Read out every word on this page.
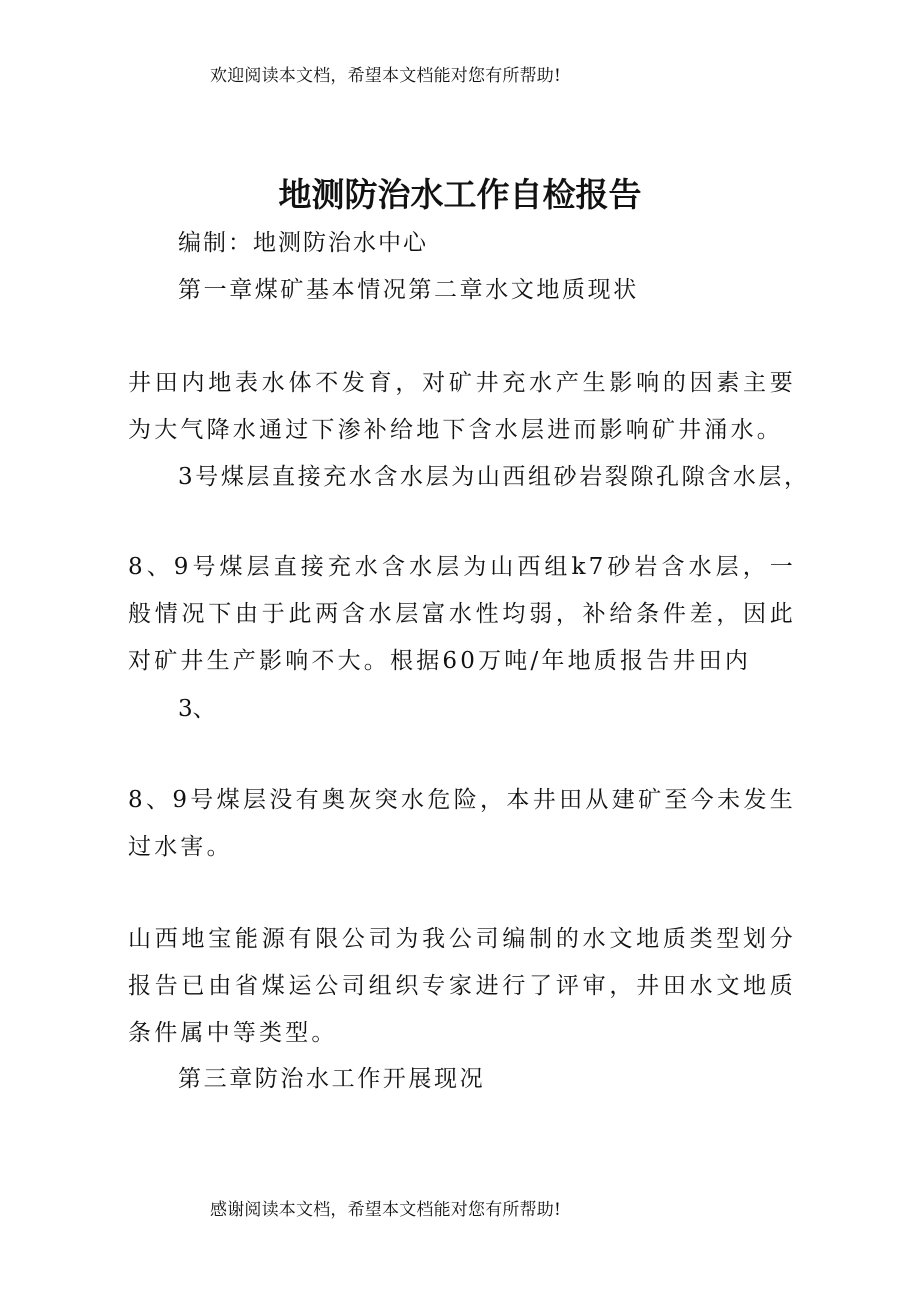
欢迎阅读本文档，希望本文档能对您有所帮助!
地测防治水工作自检报告
编制：地测防治水中心
第一章煤矿基本情况第二章水文地质现状
井田内地表水体不发育，对矿井充水产生影响的因素主要为大气降水通过下渗补给地下含水层进而影响矿井涌水。
3号煤层直接充水含水层为山西组砂岩裂隙孔隙含水层，
8、9号煤层直接充水含水层为山西组k7砂岩含水层，一般情况下由于此两含水层富水性均弱，补给条件差，因此对矿井生产影响不大。根据60万吨/年地质报告井田内
3、
8、9号煤层没有奥灰突水危险，本井田从建矿至今未发生过水害。
山西地宝能源有限公司为我公司编制的水文地质类型划分报告已由省煤运公司组织专家进行了评审，井田水文地质条件属中等类型。
第三章防治水工作开展现况
感谢阅读本文档，希望本文档能对您有所帮助!
